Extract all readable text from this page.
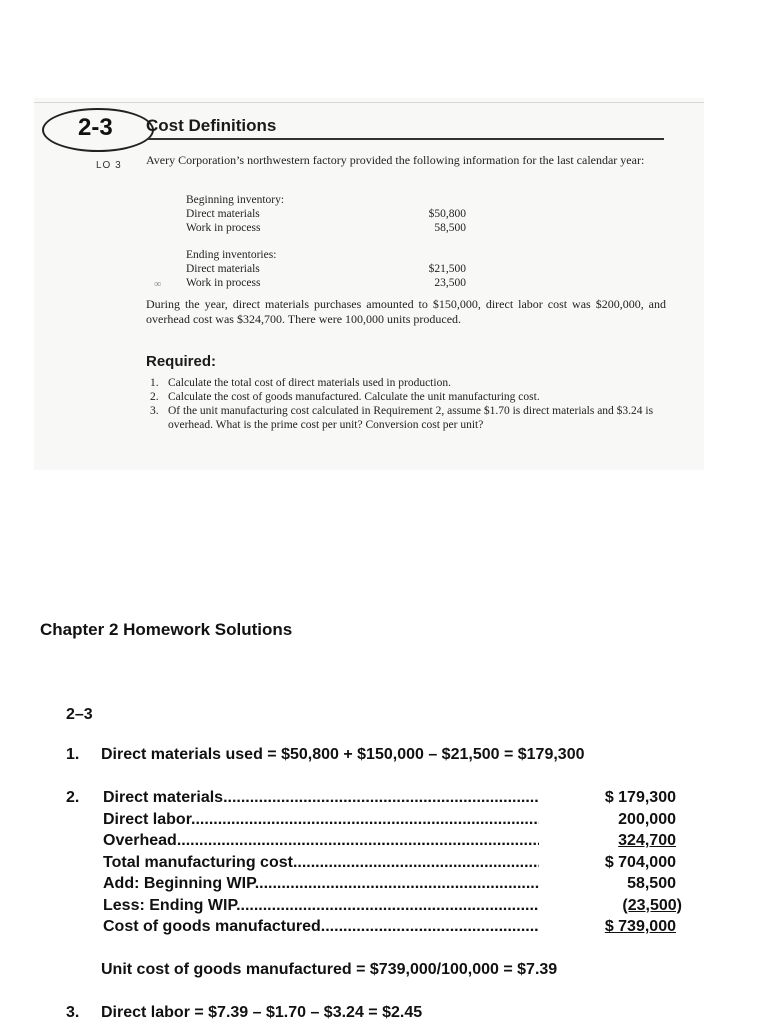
2-3 Cost Definitions
LO 3 Avery Corporation’s northwestern factory provided the following information for the last calendar year:
Beginning inventory:
Direct materials	$50,800
Work in process	58,500
Ending inventories:
Direct materials	$21,500
Work in process	23,500
∞
During the year, direct materials purchases amounted to $150,000, direct labor cost was $200,000, and overhead cost was $324,700. There were 100,000 units produced.
Required:
1. Calculate the total cost of direct materials used in production.
2. Calculate the cost of goods manufactured. Calculate the unit manufacturing cost.
3. Of the unit manufacturing cost calculated in Requirement 2, assume $1.70 is direct materials and $3.24 is overhead. What is the prime cost per unit? Conversion cost per unit?
Chapter 2 Homework Solutions
2–3
1. Direct materials used = $50,800 + $150,000 – $21,500 = $179,300
2. Direct materials .....	$ 179,300
Direct labor .....	200,000
Overhead .....	324,700
Total manufacturing cost .....	$ 704,000
Add: Beginning WIP .....	58,500
Less: Ending WIP .....	(23,500)
Cost of goods manufactured .....	$ 739,000
Unit cost of goods manufactured = $739,000/100,000 = $7.39
3. Direct labor = $7.39 – $1.70 – $3.24 = $2.45
